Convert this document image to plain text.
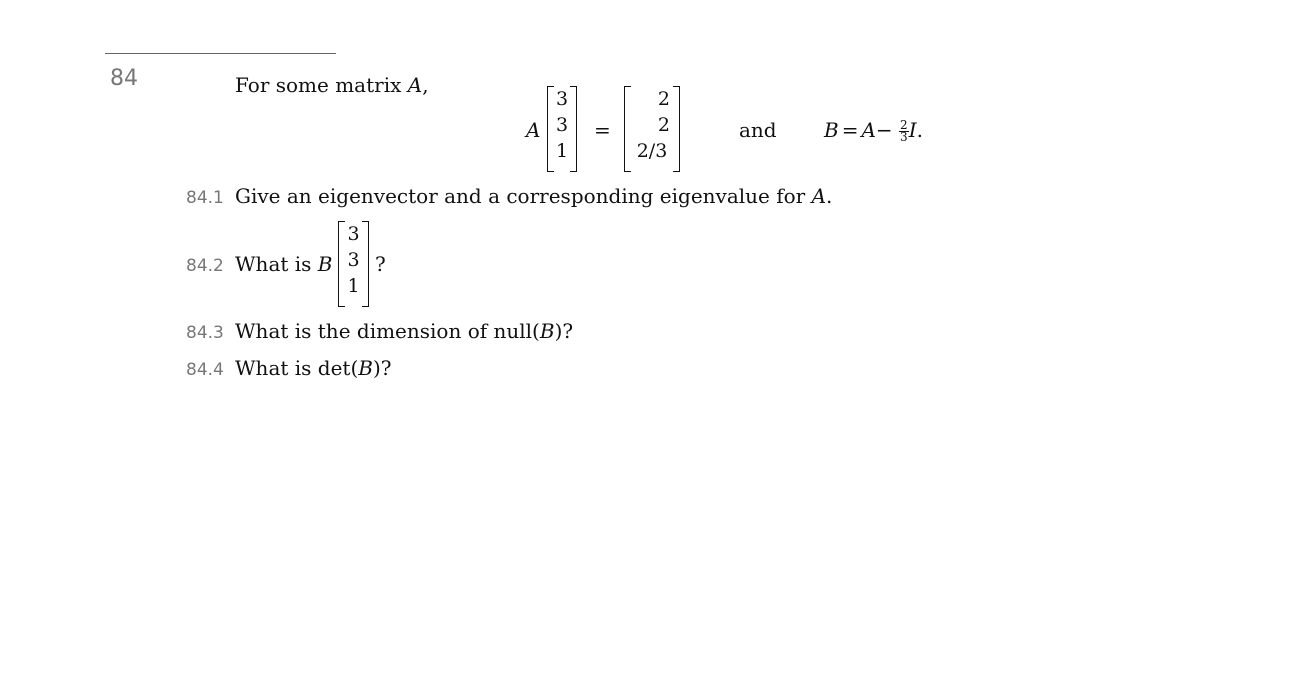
84	For some matrix A,
A
3
3
1
=
2
2
2/3
and $B = A- \frac{2}{3} I$.
84.1 Give an eigenvector and a corresponding eigenvalue for A.
84.2 What is B
3
3
1
?
84.3 What is the dimension of null(B)?
84.4 What is det(B)?
